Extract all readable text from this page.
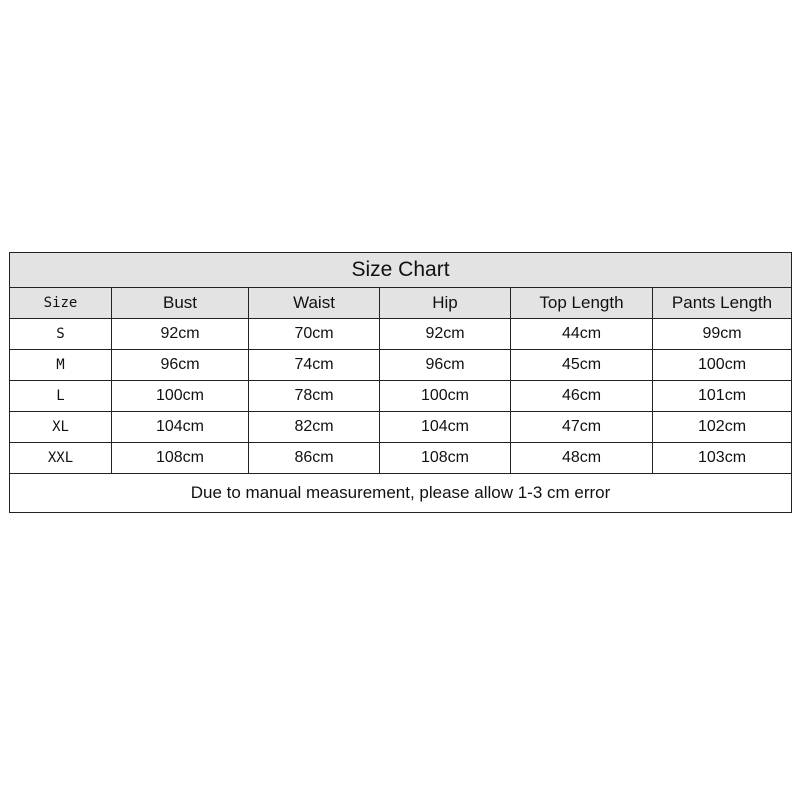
Size Chart					
Size	Bust	Waist	Hip	Top Length	Pants Length
S	92cm	70cm	92cm	44cm	99cm
M	96cm	74cm	96cm	45cm	100cm
L	100cm	78cm	100cm	46cm	101cm
XL	104cm	82cm	104cm	47cm	102cm
XXL	108cm	86cm	108cm	48cm	103cm
Due to manual measurement, please allow 1-3 cm error					
